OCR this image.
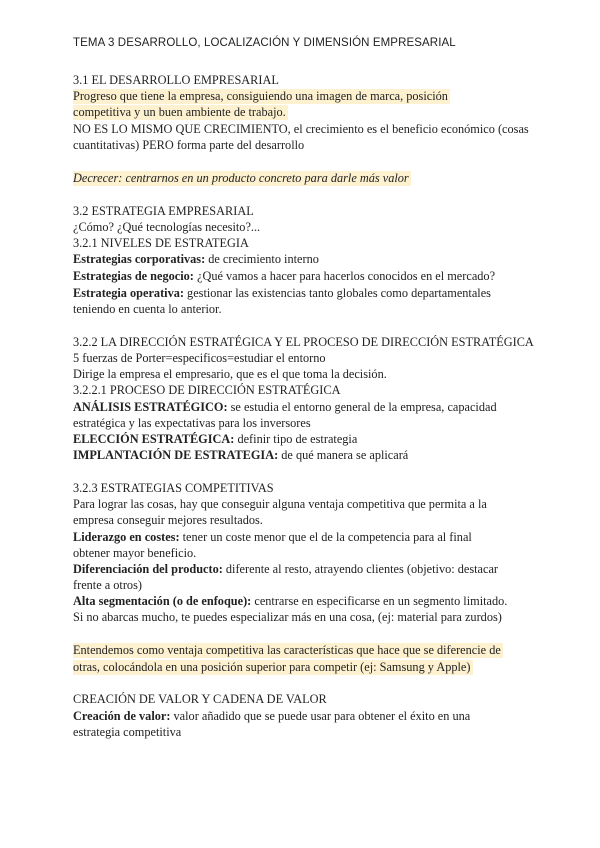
TEMA 3 DESARROLLO, LOCALIZACIÓN Y DIMENSIÓN EMPRESARIAL
3.1 EL DESARROLLO EMPRESARIAL
Progreso que tiene la empresa, consiguiendo una imagen de marca, posición
competitiva y un buen ambiente de trabajo.
NO ES LO MISMO QUE CRECIMIENTO, el crecimiento es el beneficio económico (cosas
cuantitativas) PERO forma parte del desarrollo
Decrecer: centrarnos en un producto concreto para darle más valor
3.2 ESTRATEGIA EMPRESARIAL
¿Cómo? ¿Qué tecnologías necesito?...
3.2.1 NIVELES DE ESTRATEGIA
Estrategias corporativas: de crecimiento interno
Estrategias de negocio: ¿Qué vamos a hacer para hacerlos conocidos en el mercado?
Estrategia operativa: gestionar las existencias tanto globales como departamentales
teniendo en cuenta lo anterior.
3.2.2 LA DIRECCIÓN ESTRATÉGICA Y EL PROCESO DE DIRECCIÓN ESTRATÉGICA
5 fuerzas de Porter=especificos=estudiar el entorno
Dirige la empresa el empresario, que es el que toma la decisión.
3.2.2.1 PROCESO DE DIRECCIÓN ESTRATÉGICA
ANÁLISIS ESTRATÉGICO: se estudia el entorno general de la empresa, capacidad
estratégica y las expectativas para los inversores
ELECCIÓN ESTRATÉGICA: definir tipo de estrategia
IMPLANTACIÓN DE ESTRATEGIA: de qué manera se aplicará
3.2.3 ESTRATEGIAS COMPETITIVAS
Para lograr las cosas, hay que conseguir alguna ventaja competitiva que permita a la
empresa conseguir mejores resultados.
Liderazgo en costes: tener un coste menor que el de la competencia para al final
obtener mayor beneficio.
Diferenciación del producto: diferente al resto, atrayendo clientes (objetivo: destacar
frente a otros)
Alta segmentación (o de enfoque): centrarse en especificarse en un segmento limitado.
Si no abarcas mucho, te puedes especializar más en una cosa, (ej: material para zurdos)
Entendemos como ventaja competitiva las características que hace que se diferencie de
otras, colocándola en una posición superior para competir (ej: Samsung y Apple)
CREACIÓN DE VALOR Y CADENA DE VALOR
Creación de valor: valor añadido que se puede usar para obtener el éxito en una
estrategia competitiva
